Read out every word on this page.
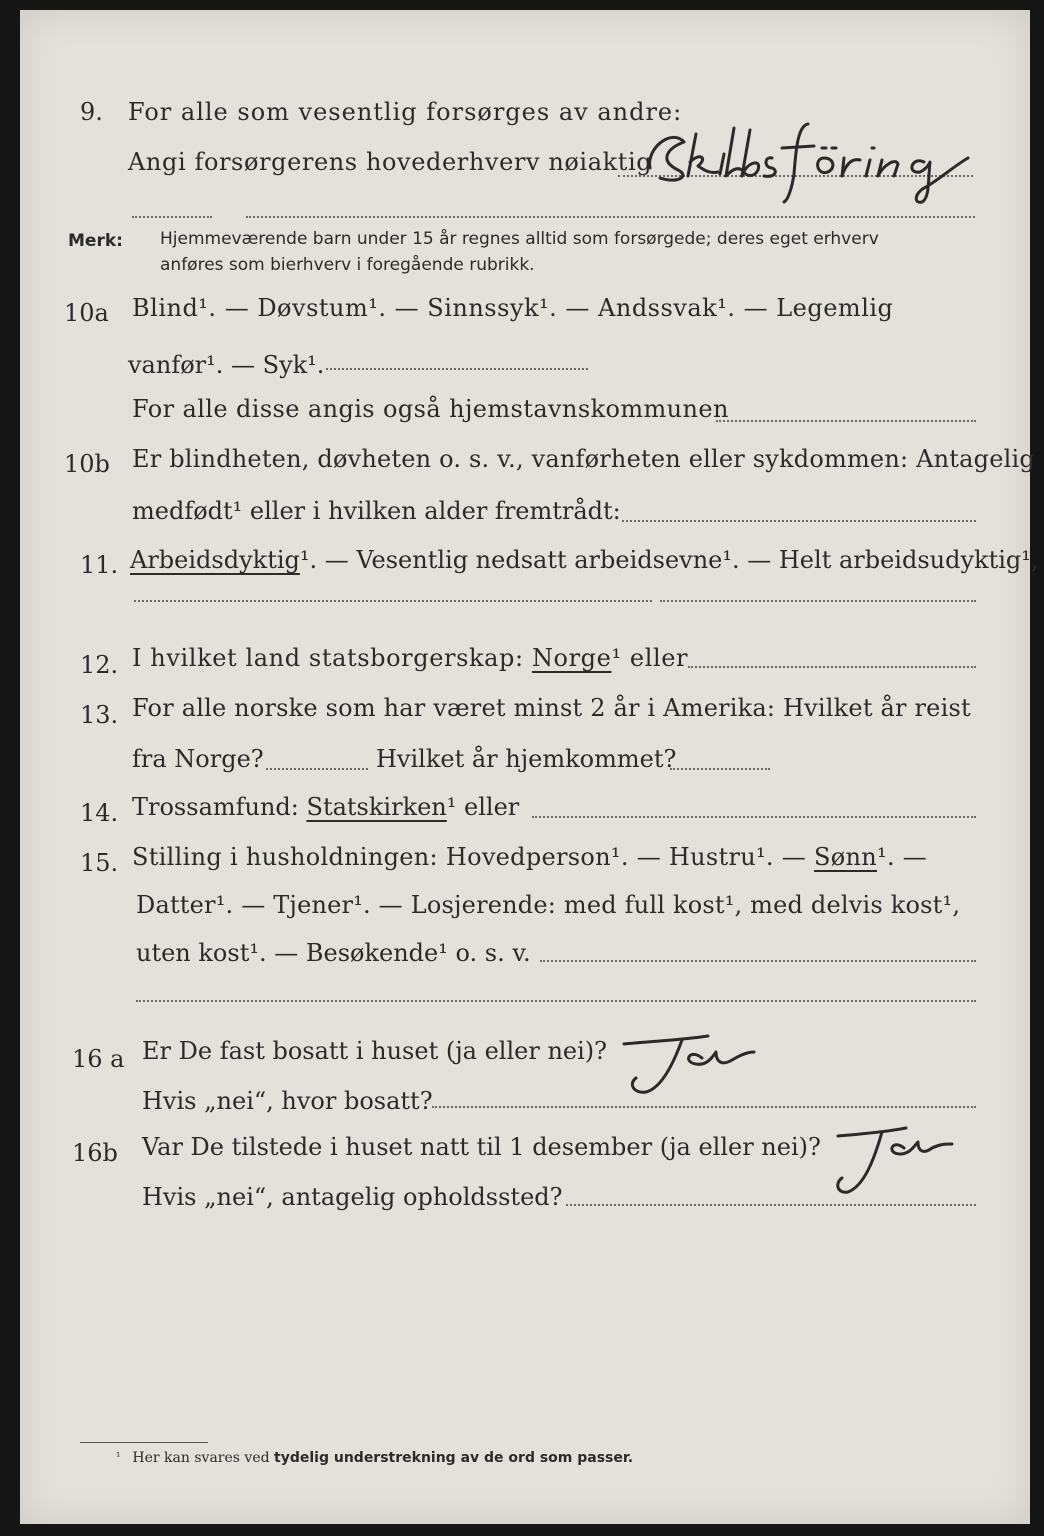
9. For alle som vesentlig forsørges av andre:
Angi forsørgerens hovederhverv nøiaktig
Merk: Hjemmeværende barn under 15 år regnes alltid som forsørgede; deres eget erhverv
anføres som bierhverv i foregående rubrikk.
10a Blind¹. — Døvstum¹. — Sinnssyk¹. — Andssvak¹. — Legemlig
vanfør¹. — Syk¹.
For alle disse angis også hjemstavnskommunen
10b Er blindheten, døvheten o. s. v., vanførheten eller sykdommen: Antagelig
medfødt¹ eller i hvilken alder fremtrådt:
11. Arbeidsdyktig¹. — Vesentlig nedsatt arbeidsevne¹. — Helt arbeidsudyktig¹,
12. I hvilket land statsborgerskap: Norge¹ eller
13. For alle norske som har været minst 2 år i Amerika: Hvilket år reist
fra Norge?	Hvilket år hjemkommet?
14. Trossamfund: Statskirken¹ eller
15. Stilling i husholdningen: Hovedperson¹. — Hustru¹. — Sønn¹. —
Datter¹. — Tjener¹. — Losjerende: med full kost¹, med delvis kost¹,
uten kost¹. — Besøkende¹ o. s. v.
16 a Er De fast bosatt i huset (ja eller nei)?
Hvis „nei“, hvor bosatt?
16b Var De tilstede i huset natt til 1 desember (ja eller nei)?
Hvis „nei“, antagelig opholdssted?
$^{^1}$ Her kan svares ved tydelig understrekning av de ord som passer.
